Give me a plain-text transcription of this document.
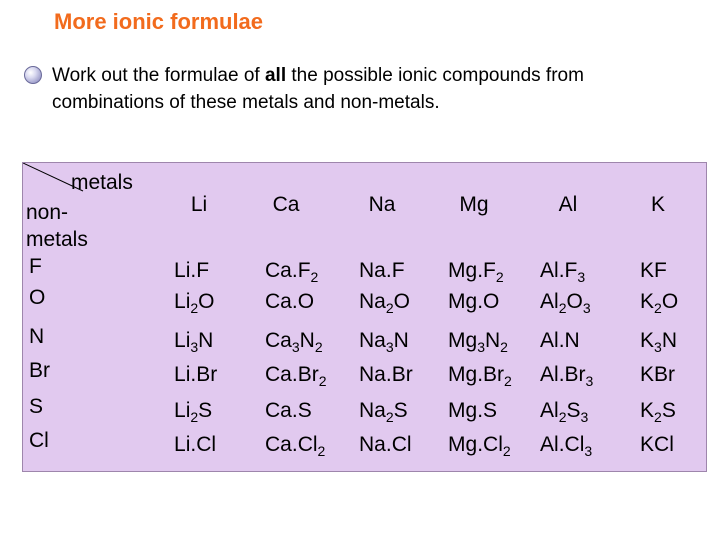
More ionic formulae
Work out the formulae of all the possible ionic compounds from combinations of these metals and non-metals.
metals
non-
metals
Li	Ca	Na	Mg	Al	K
F	Li.F	$Ca.F_2$ Na.F $Mg.F_2$ $Al.F_3$	KF
O	$Li_2O$ Ca.O $Na_2O$ Mg.O $Al_2O_3$ $K_2O$
N	$Li_3N$ $Ca_3N_2$ $Na_3N$ $Mg_3N_2$ Al.N	$K_3N$
Br	Li.Br $Ca.Br_2$ Na.Br $Mg.Br_2$ $Al.Br_3$ KBr
S	$Li_2S$	Ca.S $Na_2S$ Mg.S $Al_2S_3$ $K_2S$
Cl	Li.Cl $Ca.Cl_2$ Na.Cl $Mg.Cl_2$ $Al.Cl_3$ KCl
